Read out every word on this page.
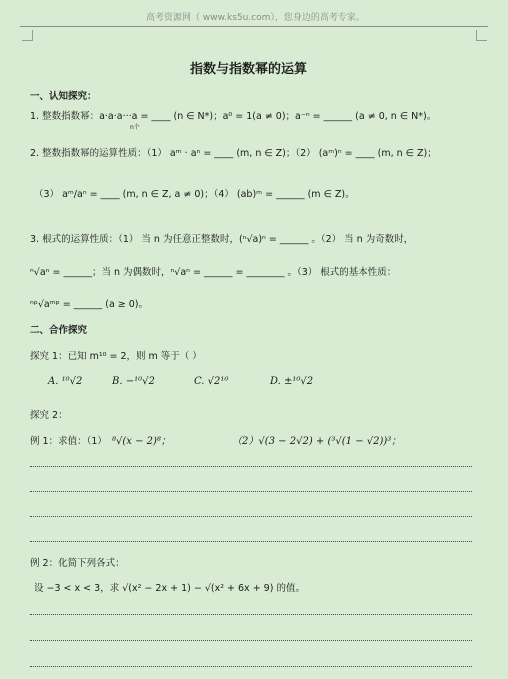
高考资源网（ www.ks5u.com），您身边的高考专家。
指数与指数幂的运算
一、认知探究：
1. 整数指数幂：a·a·a···a = ____ (n ∈ N*)；a⁰ = 1(a ≠ 0)；a⁻ⁿ = ______ (a ≠ 0, n ∈ N*)。
n个
2. 整数指数幂的运算性质：（1） aᵐ · aⁿ = ____ (m, n ∈ Z)；（2） (aᵐ)ⁿ = ____ (m, n ∈ Z)；
（3） aᵐ/aⁿ = ____ (m, n ∈ Z, a ≠ 0)；（4） (ab)ᵐ = ______ (m ∈ Z)。
3. 根式的运算性质：（1） 当 n 为任意正整数时，(ⁿ√a)ⁿ = ______ 。（2） 当 n 为奇数时，
ⁿ√aⁿ = ______；当 n 为偶数时，ⁿ√aⁿ = ______ = ________ 。（3） 根式的基本性质：
ⁿᵖ√aᵐᵖ = ______ (a ≥ 0)。
二、合作探究
探究 1：已知 m¹⁰ = 2，则 m 等于（ ）
A. ¹⁰√2	B. −¹⁰√2	C. √2¹⁰	D. ±¹⁰√2
探究 2：
例 1：求值：（1） ⁸√(x − 2)⁸；	（2）√(3 − 2√2) + (³√(1 − √2))³；
例 2：化简下列各式：
设 −3 < x < 3，求 √(x² − 2x + 1) − √(x² + 6x + 9) 的值。
